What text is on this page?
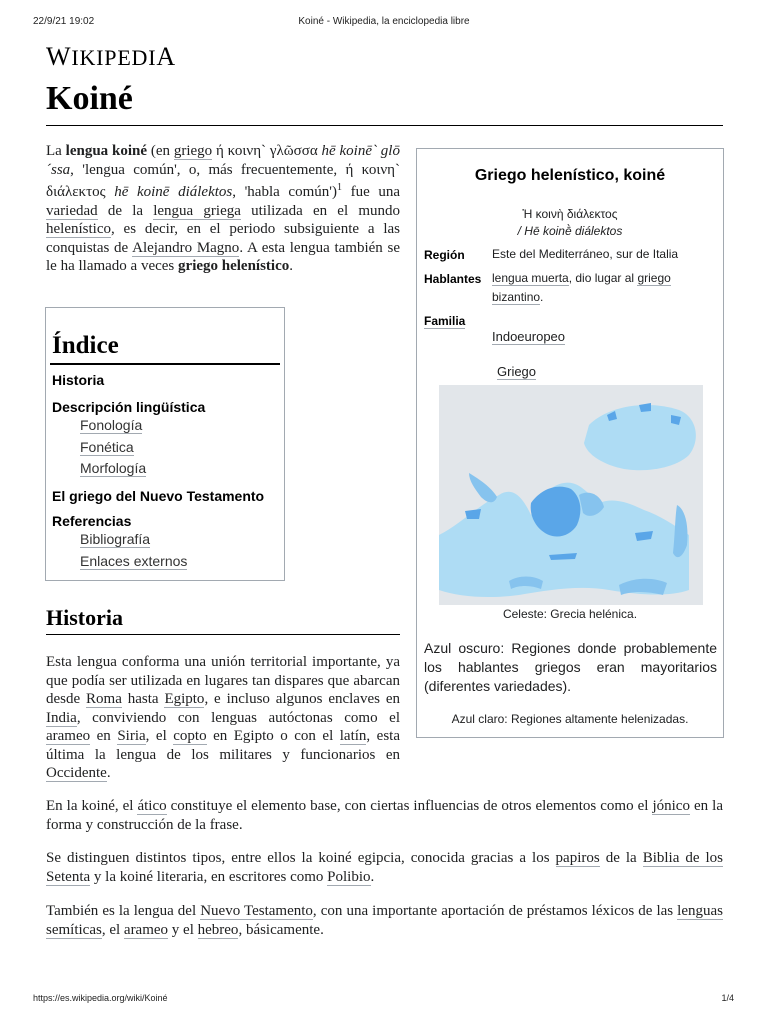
22/9/21 19:02	Koiné - Wikipedia, la enciclopedia libre
WIKIPEDIA
Koiné

La lengua koiné (en griego ή κοινη` γλῶσσα hē koinē` glō´ssa, 'lengua común', o, más frecuentemente, ή κοινη` διάλεκτος hē koinē diálektos, 'habla común')$^1$ fue una variedad de la lengua griega utilizada en el mundo helenístico, es decir, en el periodo subsiguiente a las conquistas de Alejandro Magno. A esta lengua también se le ha llamado a veces griego helenístico.

Índice
Historia
Descripción lingüística
Fonología
Fonética
Morfología
El griego del Nuevo Testamento
Referencias
Bibliografía
Enlaces externos
Historia

Esta lengua conforma una unión territorial importante, ya que podía ser utilizada en lugares tan dispares que abarcan desde Roma hasta Egipto, e incluso algunos enclaves en India, conviviendo con lenguas autóctonas como el arameo en Siria, el copto en Egipto o con el latín, esta última la lengua de los militares y funcionarios en Occidente.

En la koiné, el ático constituye el elemento base, con ciertas influencias de otros elementos como el jónico en la forma y construcción de la frase.

Se distinguen distintos tipos, entre ellos la koiné egipcia, conocida gracias a los papiros de la Biblia de los Setenta y la koiné literaria, en escritores como Polibio.

También es la lengua del Nuevo Testamento, con una importante aportación de préstamos léxicos de las lenguas semíticas, el arameo y el hebreo, básicamente.

Griego helenístico, koiné
Ἡ κοινὴ διάλεκτος
/ Hē koinḕ diálektos
Región Este del Mediterráneo, sur de Italia
Hablantes lengua muerta, dio lugar al griego bizantino.
Familia
Indoeuropeo
Griego
Celeste: Grecia helénica.
Azul oscuro: Regiones donde probablemente los hablantes griegos eran mayoritarios (diferentes variedades).
Azul claro: Regiones altamente helenizadas.
https://es.wikipedia.org/wiki/Koiné	1/4
